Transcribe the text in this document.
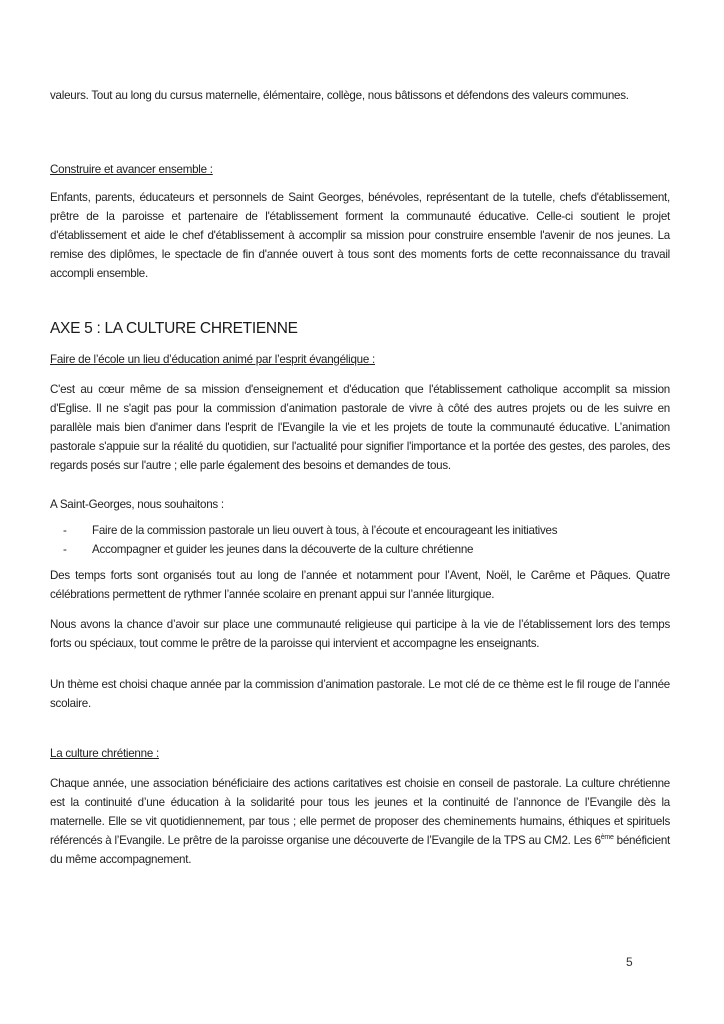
valeurs. Tout au long du cursus maternelle, élémentaire, collège, nous bâtissons et défendons des valeurs communes.

Construire et avancer ensemble :

Enfants, parents, éducateurs et personnels de Saint Georges, bénévoles, représentant de la tutelle, chefs d'établissement, prêtre de la paroisse et partenaire de l'établissement forment la communauté éducative. Celle-ci soutient le projet d'établissement et aide le chef d'établissement à accomplir sa mission pour construire ensemble l'avenir de nos jeunes. La remise des diplômes, le spectacle de fin d'année ouvert à tous sont des moments forts de cette reconnaissance du travail accompli ensemble.

AXE 5 : LA CULTURE CHRETIENNE

Faire de l’école un lieu d’éducation animé par l’esprit évangélique :

C'est au cœur même de sa mission d'enseignement et d'éducation que l'établissement catholique accomplit sa mission d'Eglise. Il ne s'agit pas pour la commission d’animation pastorale de vivre à côté des autres projets ou de les suivre en parallèle mais bien d'animer dans l'esprit de l'Evangile la vie et les projets de toute la communauté éducative. L’animation pastorale s'appuie sur la réalité du quotidien, sur l'actualité pour signifier l'importance et la portée des gestes, des paroles, des regards posés sur l'autre ; elle parle également des besoins et demandes de tous.

A Saint-Georges, nous souhaitons :

- Faire de la commission pastorale un lieu ouvert à tous, à l’écoute et encourageant les initiatives
- Accompagner et guider les jeunes dans la découverte de la culture chrétienne

Des temps forts sont organisés tout au long de l’année et notamment pour l’Avent, Noël, le Carême et Pâques. Quatre célébrations permettent de rythmer l’année scolaire en prenant appui sur l’année liturgique.

Nous avons la chance d’avoir sur place une communauté religieuse qui participe à la vie de l’établissement lors des temps forts ou spéciaux, tout comme le prêtre de la paroisse qui intervient et accompagne les enseignants.

Un thème est choisi chaque année par la commission d’animation pastorale. Le mot clé de ce thème est le fil rouge de l’année scolaire.

La culture chrétienne :

Chaque année, une association bénéficiaire des actions caritatives est choisie en conseil de pastorale. La culture chrétienne est la continuité d’une éducation à la solidarité pour tous les jeunes et la continuité de l’annonce de l’Evangile dès la maternelle. Elle se vit quotidiennement, par tous ; elle permet de proposer des cheminements humains, éthiques et spirituels référencés à l’Evangile. Le prêtre de la paroisse organise une découverte de l’Evangile de la TPS au CM2. Les 6ème bénéficient du même accompagnement.

5
